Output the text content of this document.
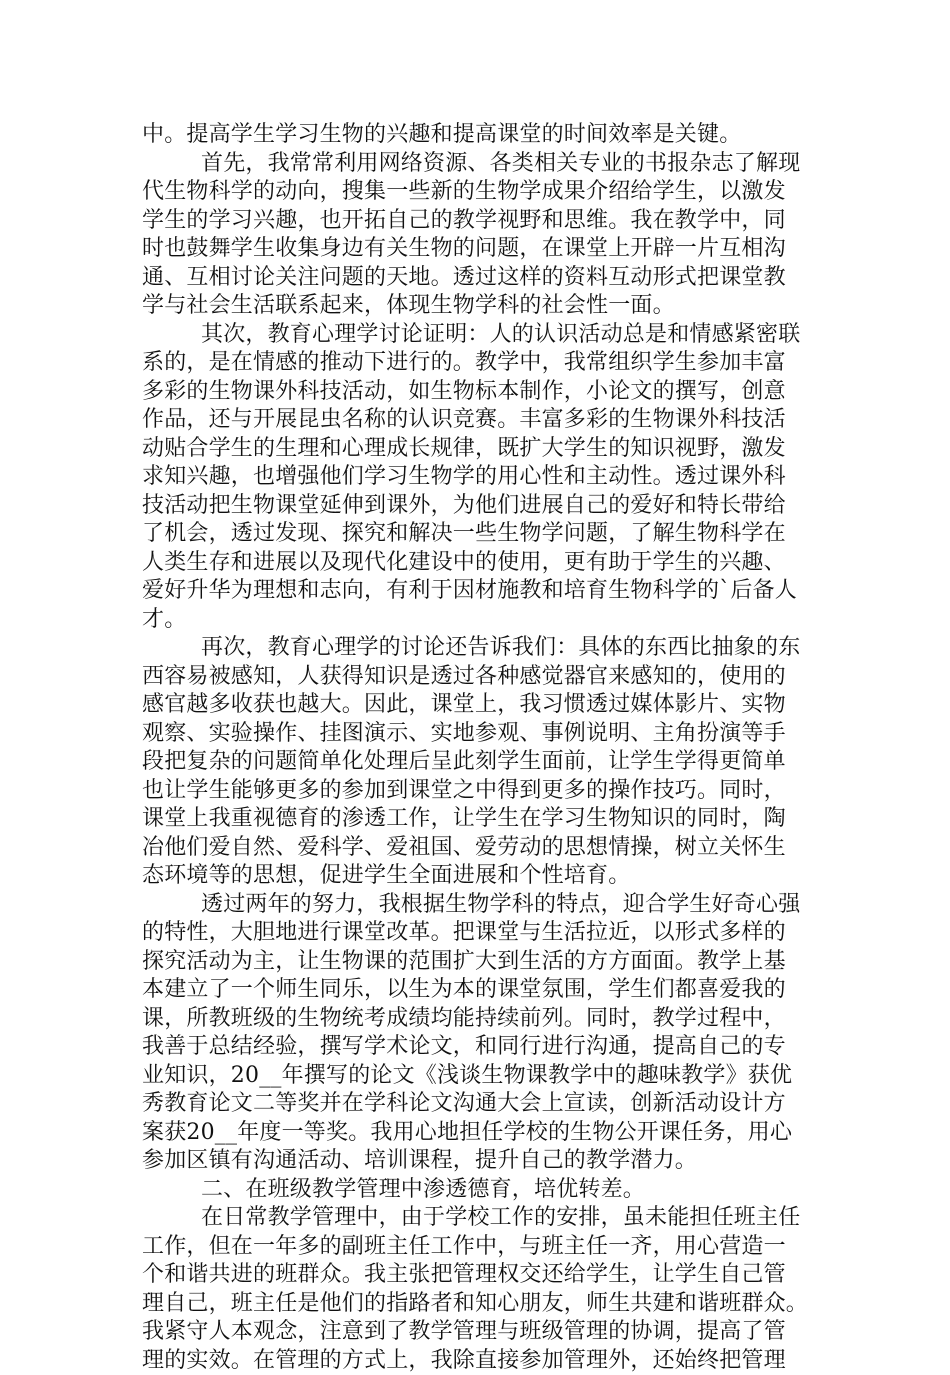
中。提高学生学习生物的兴趣和提高课堂的时间效率是关键。
首先，我常常利用网络资源、各类相关专业的书报杂志了解现
代生物科学的动向，搜集一些新的生物学成果介绍给学生，以激发
学生的学习兴趣，也开拓自己的教学视野和思维。我在教学中，同
时也鼓舞学生收集身边有关生物的问题，在课堂上开辟一片互相沟
通、互相讨论关注问题的天地。透过这样的资料互动形式把课堂教
学与社会生活联系起来，体现生物学科的社会性一面。
其次，教育心理学讨论证明：人的认识活动总是和情感紧密联
系的，是在情感的推动下进行的。教学中，我常组织学生参加丰富
多彩的生物课外科技活动，如生物标本制作，小论文的撰写，创意
作品，还与开展昆虫名称的认识竞赛。丰富多彩的生物课外科技活
动贴合学生的生理和心理成长规律，既扩大学生的知识视野，激发
求知兴趣，也增强他们学习生物学的用心性和主动性。透过课外科
技活动把生物课堂延伸到课外，为他们进展自己的爱好和特长带给
了机会，透过发现、探究和解决一些生物学问题，了解生物科学在
人类生存和进展以及现代化建设中的使用，更有助于学生的兴趣、
爱好升华为理想和志向，有利于因材施教和培育生物科学的`后备人
才。
再次，教育心理学的讨论还告诉我们：具体的东西比抽象的东
西容易被感知，人获得知识是透过各种感觉器官来感知的，使用的
感官越多收获也越大。因此，课堂上，我习惯透过媒体影片、实物
观察、实验操作、挂图演示、实地参观、事例说明、主角扮演等手
段把复杂的问题简单化处理后呈此刻学生面前，让学生学得更简单
也让学生能够更多的参加到课堂之中得到更多的操作技巧。同时，
课堂上我重视德育的渗透工作，让学生在学习生物知识的同时，陶
冶他们爱自然、爱科学、爱祖国、爱劳动的思想情操，树立关怀生
态环境等的思想，促进学生全面进展和个性培育。
透过两年的努力，我根据生物学科的特点，迎合学生好奇心强
的特性，大胆地进行课堂改革。把课堂与生活拉近，以形式多样的
探究活动为主，让生物课的范围扩大到生活的方方面面。教学上基
本建立了一个师生同乐，以生为本的课堂氛围，学生们都喜爱我的
课，所教班级的生物统考成绩均能持续前列。同时，教学过程中，
我善于总结经验，撰写学术论文，和同行进行沟通，提高自己的专
业知识，20__年撰写的论文《浅谈生物课教学中的趣味教学》获优
秀教育论文二等奖并在学科论文沟通大会上宣读，创新活动设计方
案获20__年度一等奖。我用心地担任学校的生物公开课任务，用心
参加区镇有沟通活动、培训课程，提升自己的教学潜力。
二、在班级教学管理中渗透德育，培优转差。
在日常教学管理中，由于学校工作的安排，虽未能担任班主任
工作，但在一年多的副班主任工作中，与班主任一齐，用心营造一
个和谐共进的班群众。我主张把管理权交还给学生，让学生自己管
理自己，班主任是他们的指路者和知心朋友，师生共建和谐班群众。
我紧守人本观念，注意到了教学管理与班级管理的协调，提高了管
理的实效。在管理的方式上，我除直接参加管理外，还始终把管理
